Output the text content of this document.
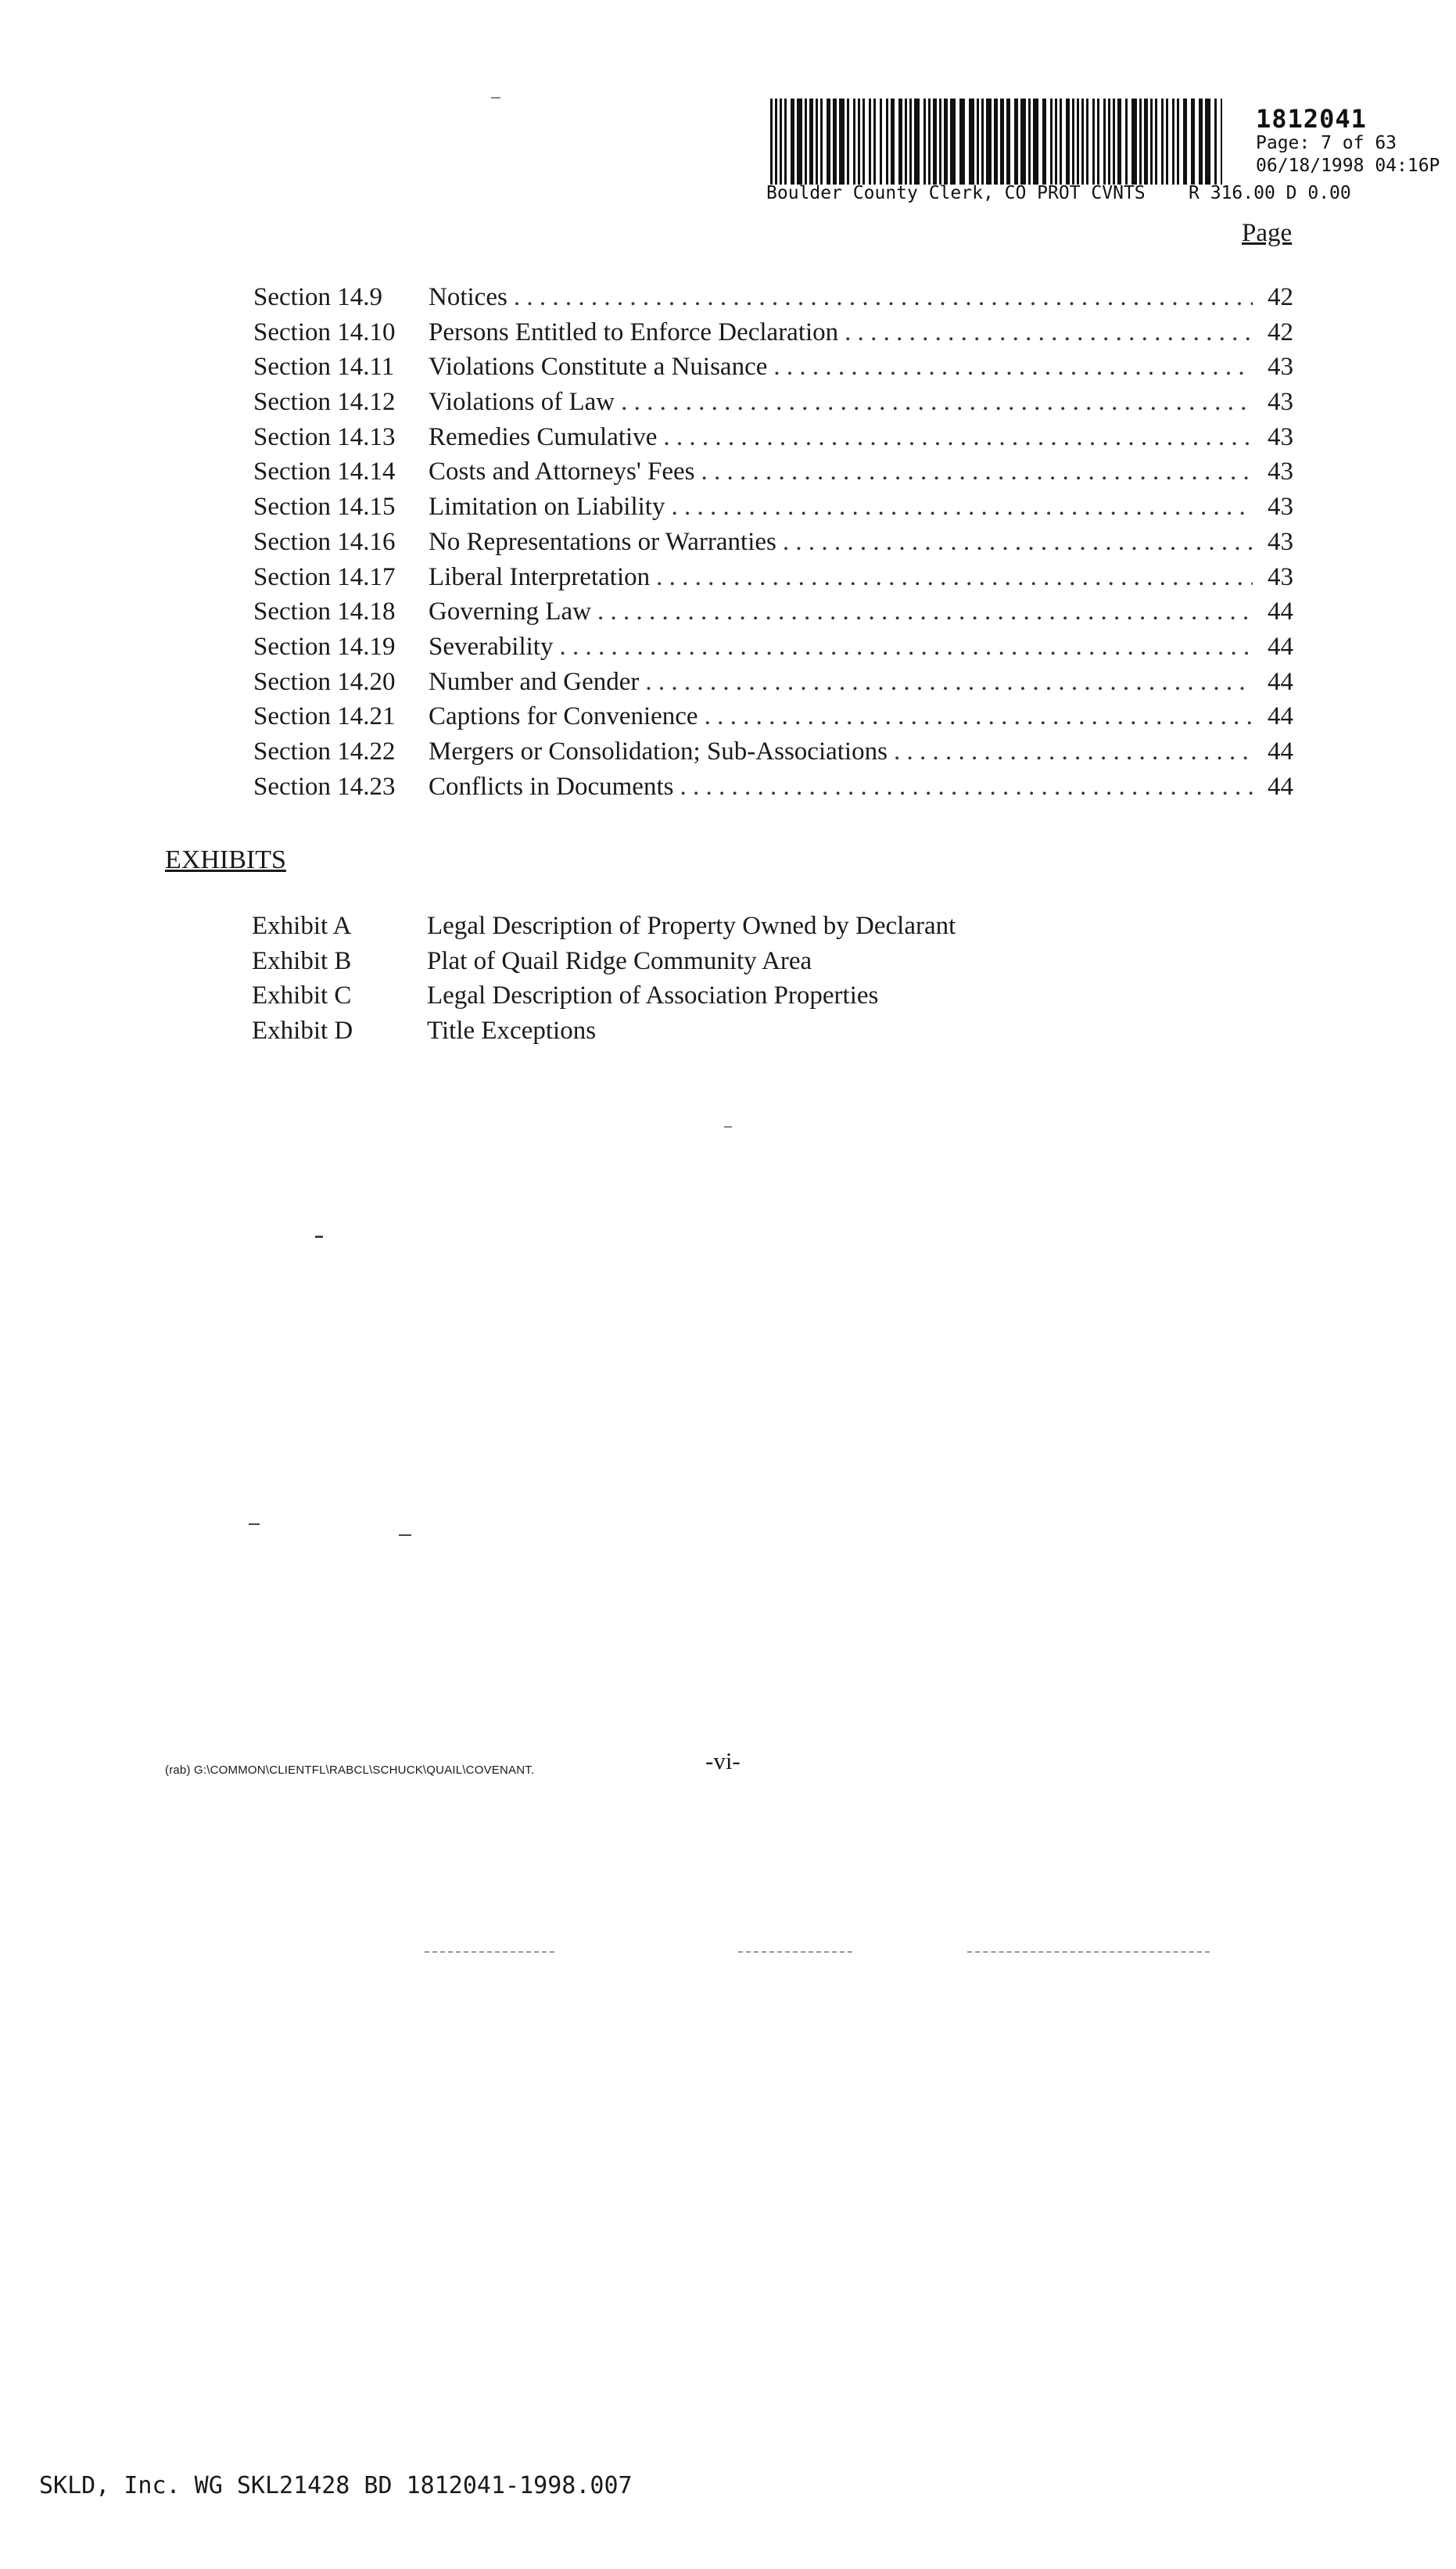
1812041
Page: 7 of 63
06/18/1998 04:16P
Boulder County Clerk, CO PROT CVNTS    R 316.00 D 0.00
Page
Section 14.9	Notices . . .	42
Section 14.10	Persons Entitled to Enforce Declaration . . .	42
Section 14.11	Violations Constitute a Nuisance . . .	43
Section 14.12	Violations of Law . . .	43
Section 14.13	Remedies Cumulative . . .	43
Section 14.14	Costs and Attorneys' Fees . . .	43
Section 14.15	Limitation on Liability . . .	43
Section 14.16	No Representations or Warranties . . .	43
Section 14.17	Liberal Interpretation . . .	43
Section 14.18	Governing Law . . .	44
Section 14.19	Severability . . .	44
Section 14.20	Number and Gender . . .	44
Section 14.21	Captions for Convenience . . .	44
Section 14.22	Mergers or Consolidation; Sub-Associations . . .	44
Section 14.23	Conflicts in Documents . . .	44
EXHIBITS
Exhibit A	Legal Description of Property Owned by Declarant
Exhibit B	Plat of Quail Ridge Community Area
Exhibit C	Legal Description of Association Properties
Exhibit D	Title Exceptions
(rab) G:\COMMON\CLIENTFL\RABCL\SCHUCK\QUAIL\COVENANT.	-vi-
SKLD, Inc. WG SKL21428 BD 1812041-1998.007
